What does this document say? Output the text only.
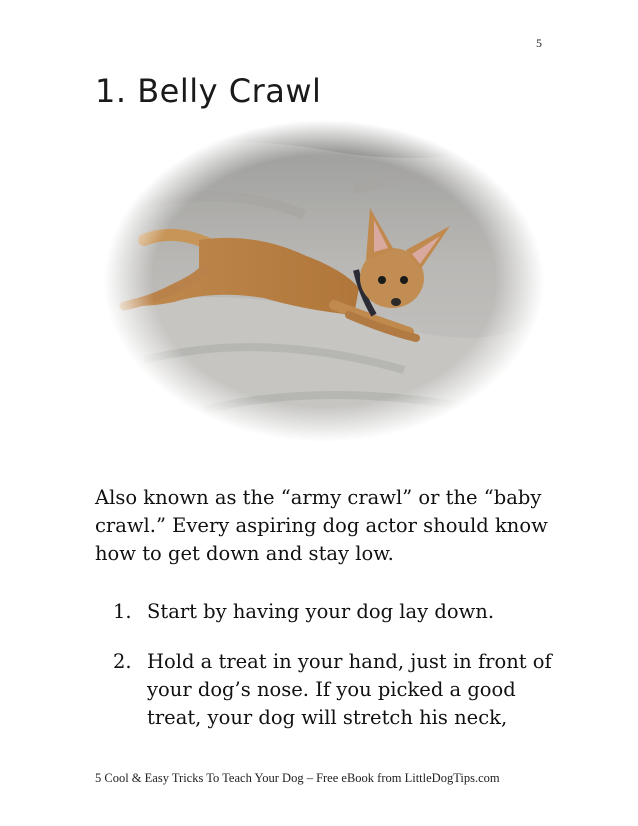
5
1. Belly Crawl

Also known as the “army crawl” or the “baby crawl.” Every aspiring dog actor should know how to get down and stay low.

1. Start by having your dog lay down.
2. Hold a treat in your hand, just in front of your dog’s nose. If you picked a good treat, your dog will stretch his neck,
5 Cool & Easy Tricks To Teach Your Dog – Free eBook from LittleDogTips.com
